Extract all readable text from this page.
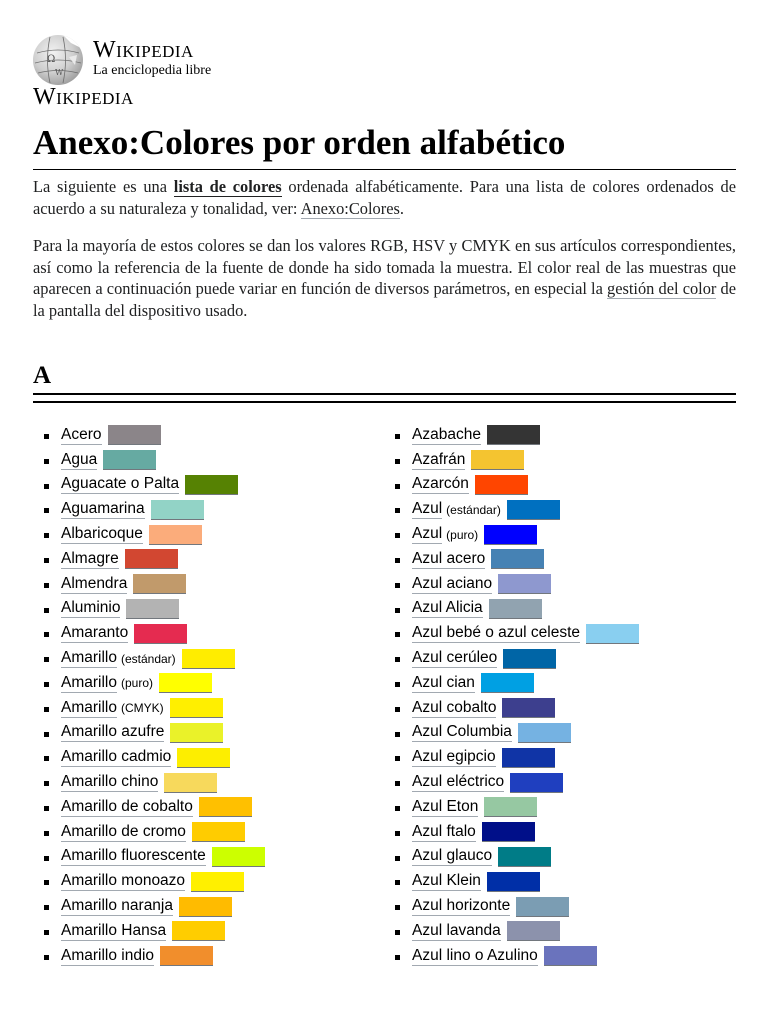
Ω
W
Wikipedia
La enciclopedia libre
Wikipedia
Anexo:Colores por orden alfabético

La siguiente es una lista de colores ordenada alfabéticamente. Para una lista de colores ordenados de acuerdo a su naturaleza y tonalidad, ver: Anexo:Colores.

Para la mayoría de estos colores se dan los valores RGB, HSV y CMYK en sus artículos correspondientes, así como la referencia de la fuente de donde ha sido tomada la muestra. El color real de las muestras que aparecen a continuación puede variar en función de diversos parámetros, en especial la gestión del color de la pantalla del dispositivo usado.

A
Acero
Agua
Aguacate o Palta
Aguamarina
Albaricoque
Almagre
Almendra
Aluminio
Amaranto
Amarillo (estándar)
Amarillo (puro)
Amarillo (CMYK)
Amarillo azufre
Amarillo cadmio
Amarillo chino
Amarillo de cobalto
Amarillo de cromo
Amarillo fluorescente
Amarillo monoazo
Amarillo naranja
Amarillo Hansa
Amarillo indio
Azabache
Azafrán
Azarcón
Azul (estándar)
Azul (puro)
Azul acero
Azul aciano
Azul Alicia
Azul bebé o azul celeste
Azul cerúleo
Azul cian
Azul cobalto
Azul Columbia
Azul egipcio
Azul eléctrico
Azul Eton
Azul ftalo
Azul glauco
Azul Klein
Azul horizonte
Azul lavanda
Azul lino o Azulino
